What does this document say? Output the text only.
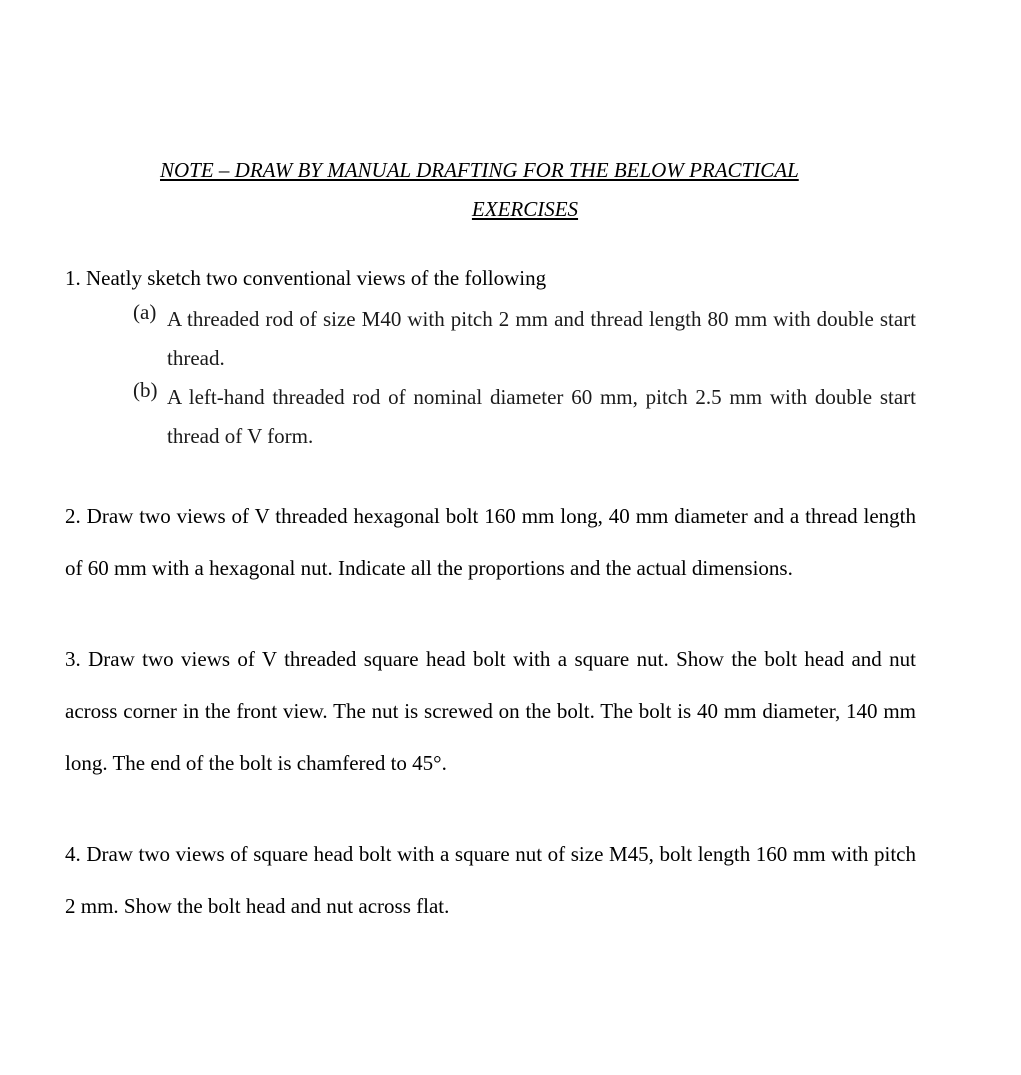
NOTE – DRAW BY MANUAL DRAFTING FOR THE BELOW PRACTICAL
EXERCISES
1. Neatly sketch two conventional views of the following
(a) A threaded rod of size M40 with pitch 2 mm and thread length 80 mm with double start thread.
(b) A left-hand threaded rod of nominal diameter 60 mm, pitch 2.5 mm with double start thread of V form.
2. Draw two views of V threaded hexagonal bolt 160 mm long, 40 mm diameter and a thread length of 60 mm with a hexagonal nut. Indicate all the proportions and the actual dimensions.
3. Draw two views of V threaded square head bolt with a square nut. Show the bolt head and nut across corner in the front view. The nut is screwed on the bolt. The bolt is 40 mm diameter, 140 mm long. The end of the bolt is chamfered to 45°.
4. Draw two views of square head bolt with a square nut of size M45, bolt length 160 mm with pitch 2 mm. Show the bolt head and nut across flat.
